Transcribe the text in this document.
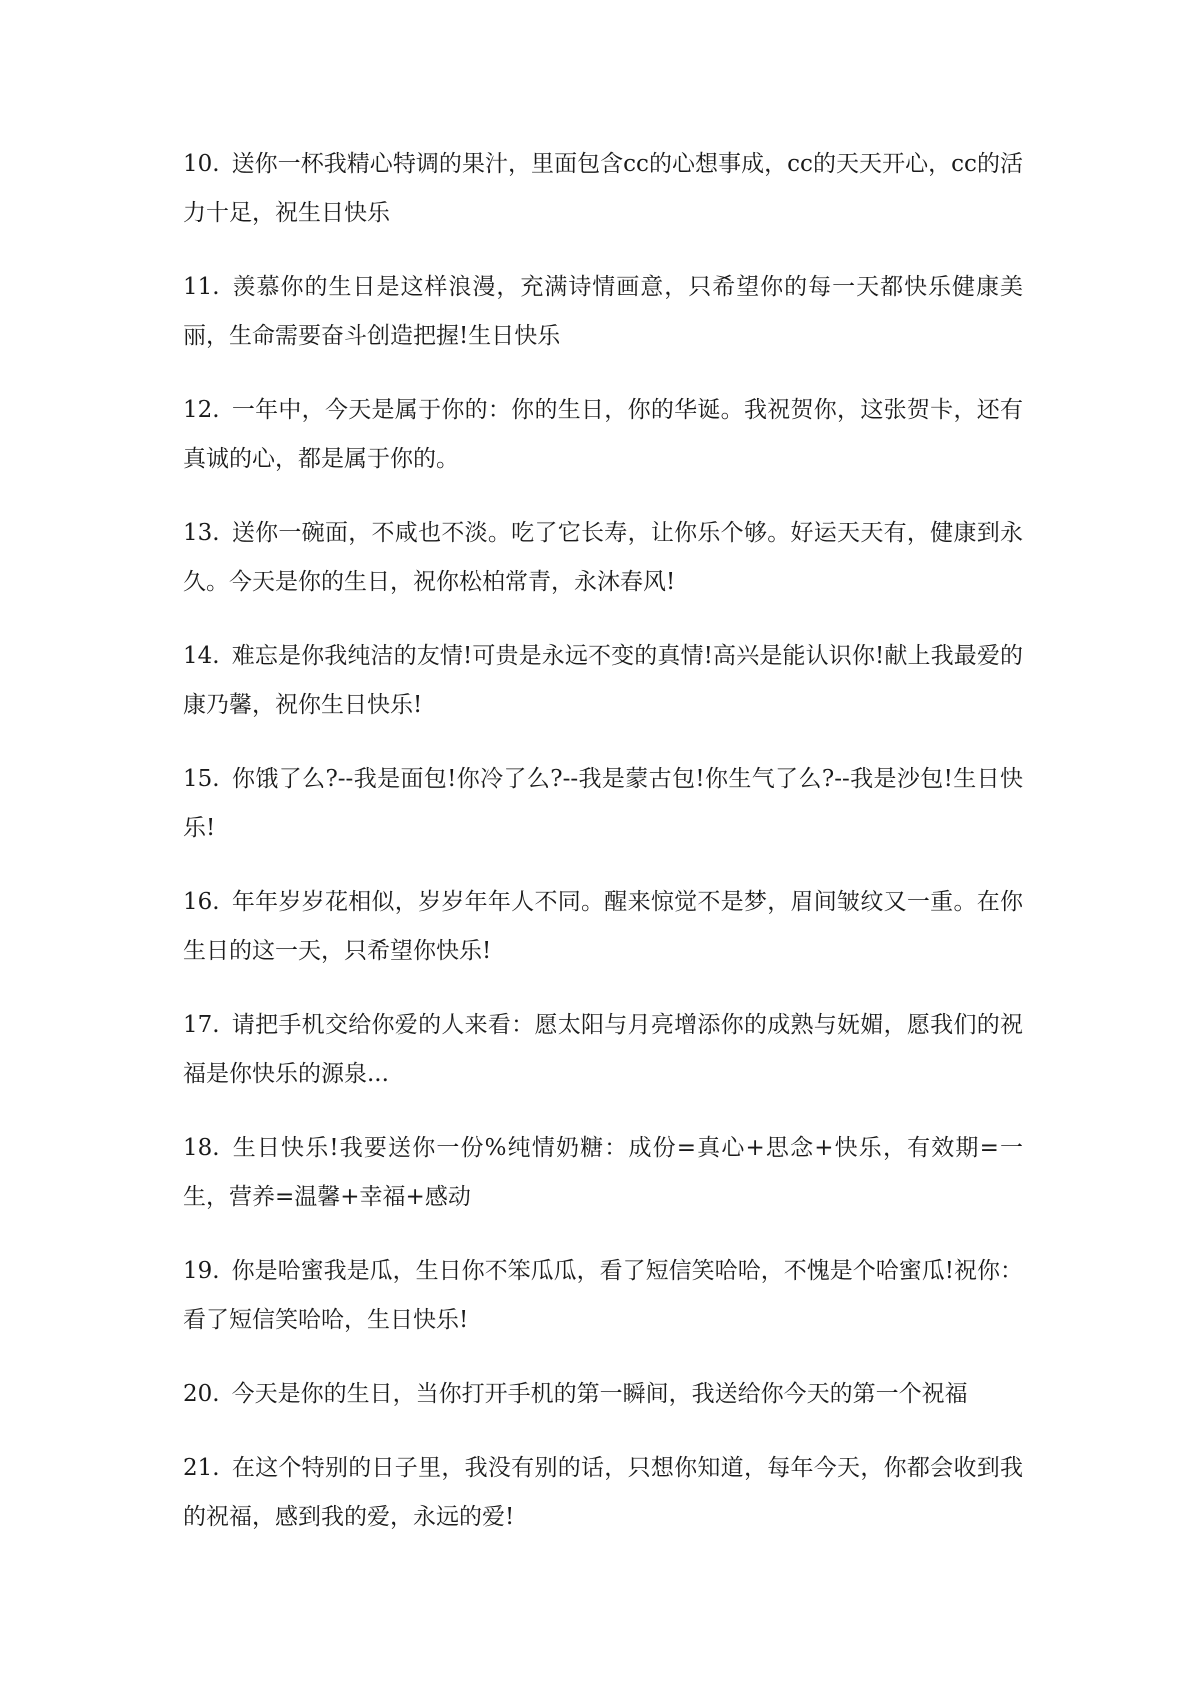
10. 送你一杯我精心特调的果汁，里面包含cc的心想事成，cc的天天开心，cc的活力十足，祝生日快乐

11. 羡慕你的生日是这样浪漫，充满诗情画意，只希望你的每一天都快乐健康美丽，生命需要奋斗创造把握!生日快乐

12. 一年中，今天是属于你的：你的生日，你的华诞。我祝贺你，这张贺卡，还有真诚的心，都是属于你的。

13. 送你一碗面，不咸也不淡。吃了它长寿，让你乐个够。好运天天有，健康到永久。今天是你的生日，祝你松柏常青，永沐春风!

14. 难忘是你我纯洁的友情!可贵是永远不变的真情!高兴是能认识你!献上我最爱的康乃馨，祝你生日快乐!

15. 你饿了么?--我是面包!你冷了么?--我是蒙古包!你生气了么?--我是沙包!生日快乐!

16. 年年岁岁花相似，岁岁年年人不同。醒来惊觉不是梦，眉间皱纹又一重。在你生日的这一天，只希望你快乐!

17. 请把手机交给你爱的人来看：愿太阳与月亮增添你的成熟与妩媚，愿我们的祝福是你快乐的源泉...

18. 生日快乐!我要送你一份%纯情奶糖：成份=真心+思念+快乐，有效期=一生，营养=温馨+幸福+感动

19. 你是哈蜜我是瓜，生日你不笨瓜瓜，看了短信笑哈哈，不愧是个哈蜜瓜!祝你：看了短信笑哈哈，生日快乐!

20. 今天是你的生日，当你打开手机的第一瞬间，我送给你今天的第一个祝福

21. 在这个特别的日子里，我没有别的话，只想你知道，每年今天，你都会收到我的祝福，感到我的爱，永远的爱!
